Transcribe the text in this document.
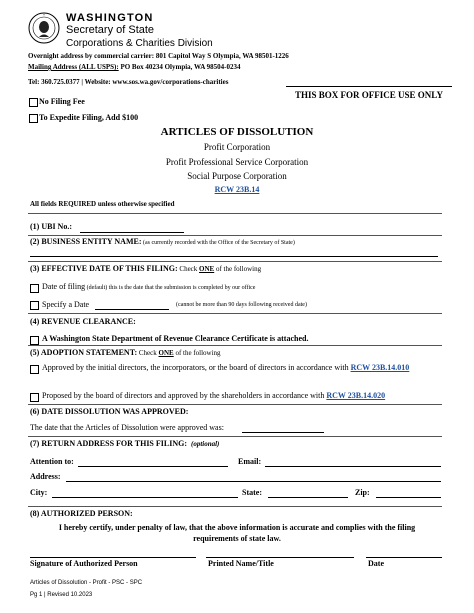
WASHINGTON
Secretary of State
Corporations & Charities Division
Overnight address by commercial carrier: 801 Capitol Way S Olympia, WA 98501-1226
Mailing Address (ALL USPS): PO Box 40234 Olympia, WA 98504-0234
Tel: 360.725.0377 | Website: www.sos.wa.gov/corporations-charities
THIS BOX FOR OFFICE USE ONLY
No Filing Fee
To Expedite Filing, Add $100
ARTICLES OF DISSOLUTION
Profit Corporation
Profit Professional Service Corporation
Social Purpose Corporation
RCW 23B.14
All fields REQUIRED unless otherwise specified
(1) UBI No.:
(2) BUSINESS ENTITY NAME: (as currently recorded with the Office of the Secretary of State)
(3) EFFECTIVE DATE OF THIS FILING: Check ONE of the following
Date of filing (default) this is the date that the submission is completed by our office
Specify a Date	(cannot be more than 90 days following received date)
(4) REVENUE CLEARANCE:
A Washington State Department of Revenue Clearance Certificate is attached.
(5) ADOPTION STATEMENT: Check ONE of the following
Approved by the initial directors, the incorporators, or the board of directors in accordance with RCW 23B.14.010
Proposed by the board of directors and approved by the shareholders in accordance with RCW 23B.14.020
(6) DATE DISSOLUTION WAS APPROVED:
The date that the Articles of Dissolution were approved was:
(7) RETURN ADDRESS FOR THIS FILING: (optional)
Attention to:	Email:
Address:
City:	State:	Zip:
(8) AUTHORIZED PERSON:
I hereby certify, under penalty of law, that the above information is accurate and complies with the filing
requirements of state law.
Signature of Authorized Person	Printed Name/Title	Date
Articles of Dissolution - Profit - PSC - SPC
Pg 1 | Revised 10.2023
